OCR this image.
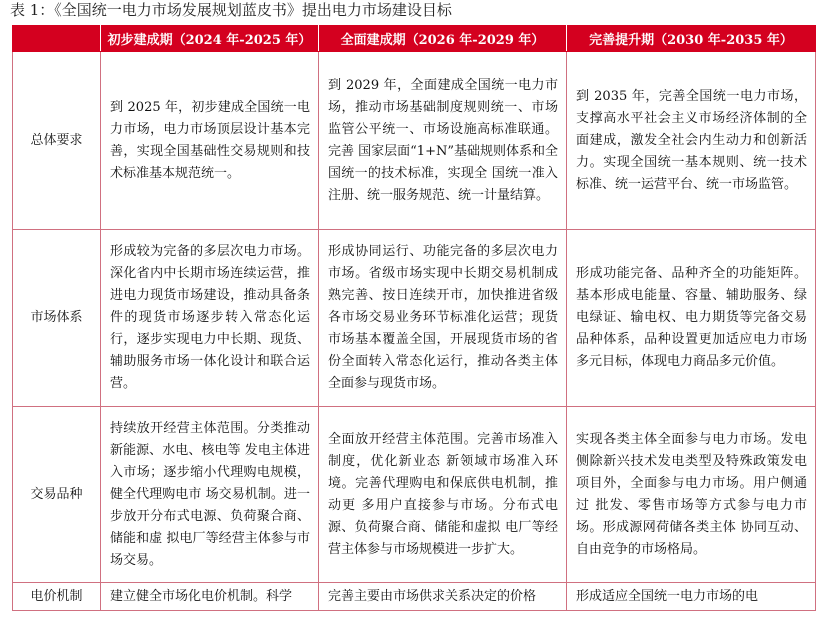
表 1：《全国统一电力市场发展规划蓝皮书》提出电力市场建设目标
	初步建成期（2024 年-2025 年）	全面建成期（2026 年-2029 年）	完善提升期（2030 年-2035 年）
总体要求	到 2025 年，初步建成全国统一电力市场，电力市场顶层设计基本完善，实现全国基础性交易规则和技术标准基本规范统一。	到 2029 年，全面建成全国统一电力市场，推动市场基础制度规则统一、市场监管公平统一、市场设施高标准联通。完善 国家层面“1+N”基础规则体系和全国统一的技术标准，实现全 国统一准入注册、统一服务规范、统一计量结算。	到 2035 年，完善全国统一电力市场，支撑高水平社会主义市场经济体制的全面建成，激发全社会内生动力和创新活力。实现全国统一基本规则、统一技术标准、统一运营平台、统一市场监管。
市场体系	形成较为完备的多层次电力市场。深化省内中长期市场连续运营，推进电力现货市场建设，推动具备条件的现货市场逐步转入常态化运行，逐步实现电力中长期、现货、辅助服务市场一体化设计和联合运营。	形成协同运行、功能完备的多层次电力市场。省级市场实现中长期交易机制成熟完善、按日连续开市，加快推进省级各市场交易业务环节标准化运营；现货市场基本覆盖全国，开展现货市场的省份全面转入常态化运行，推动各类主体全面参与现货市场。	形成功能完备、品种齐全的功能矩阵。基本形成电能量、容量、辅助服务、绿电绿证、输电权、电力期货等完备交易品种体系，品种设置更加适应电力市场多元目标，体现电力商品多元价值。
交易品种	持续放开经营主体范围。分类推动新能源、水电、核电等 发电主体进入市场；逐步缩小代理购电规模，健全代理购电市 场交易机制。进一步放开分布式电源、负荷聚合商、储能和虚 拟电厂等经营主体参与市场交易。	全面放开经营主体范围。完善市场准入制度，优化新业态 新领域市场准入环境。完善代理购电和保底供电机制，推动更 多用户直接参与市场。分布式电源、负荷聚合商、储能和虚拟 电厂等经营主体参与市场规模进一步扩大。	实现各类主体全面参与电力市场。发电侧除新兴技术发电类型及特殊政策发电项目外，全面参与电力市场。用户侧通过 批发、零售市场等方式参与电力市场。形成源网荷储各类主体 协同互动、自由竞争的市场格局。

电价机制	建立健全市场化电价机制。科学	完善主要由市场供求关系决定的价格	形成适应全国统一电力市场的电
